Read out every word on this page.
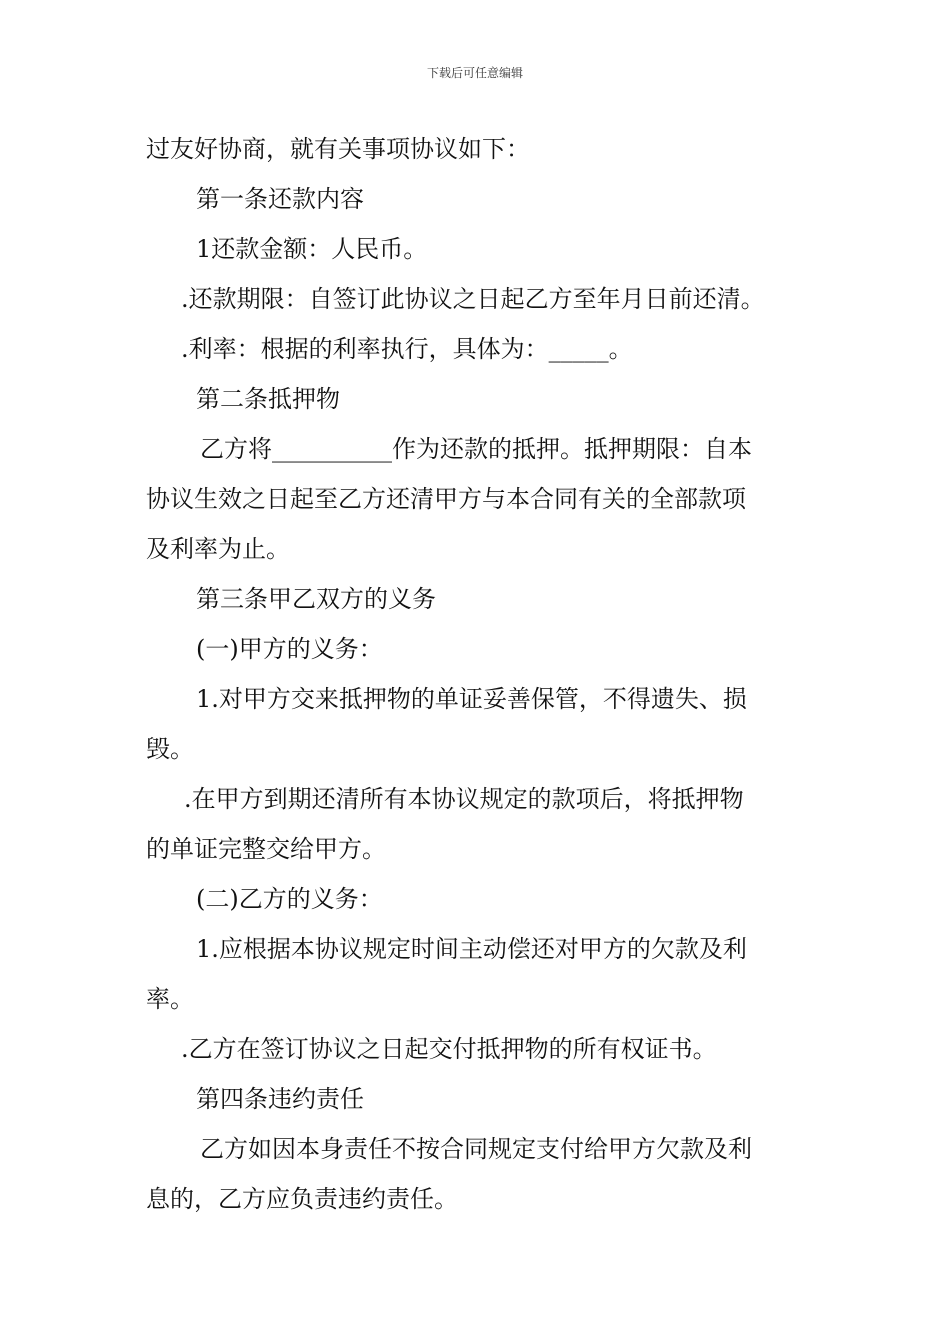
下载后可任意编辑
过友好协商，就有关事项协议如下：
第一条还款内容
1还款金额：人民币。
.还款期限：自签订此协议之日起乙方至年月日前还清。
.利率：根据的利率执行，具体为：_____。
第二条抵押物
乙方将__________作为还款的抵押。抵押期限：自本
协议生效之日起至乙方还清甲方与本合同有关的全部款项
及利率为止。
第三条甲乙双方的义务
(一)甲方的义务：
1.对甲方交来抵押物的单证妥善保管，不得遗失、损
毁。
.在甲方到期还清所有本协议规定的款项后，将抵押物
的单证完整交给甲方。
(二)乙方的义务：
1.应根据本协议规定时间主动偿还对甲方的欠款及利
率。
.乙方在签订协议之日起交付抵押物的所有权证书。
第四条违约责任
乙方如因本身责任不按合同规定支付给甲方欠款及利
息的，乙方应负责违约责任。
